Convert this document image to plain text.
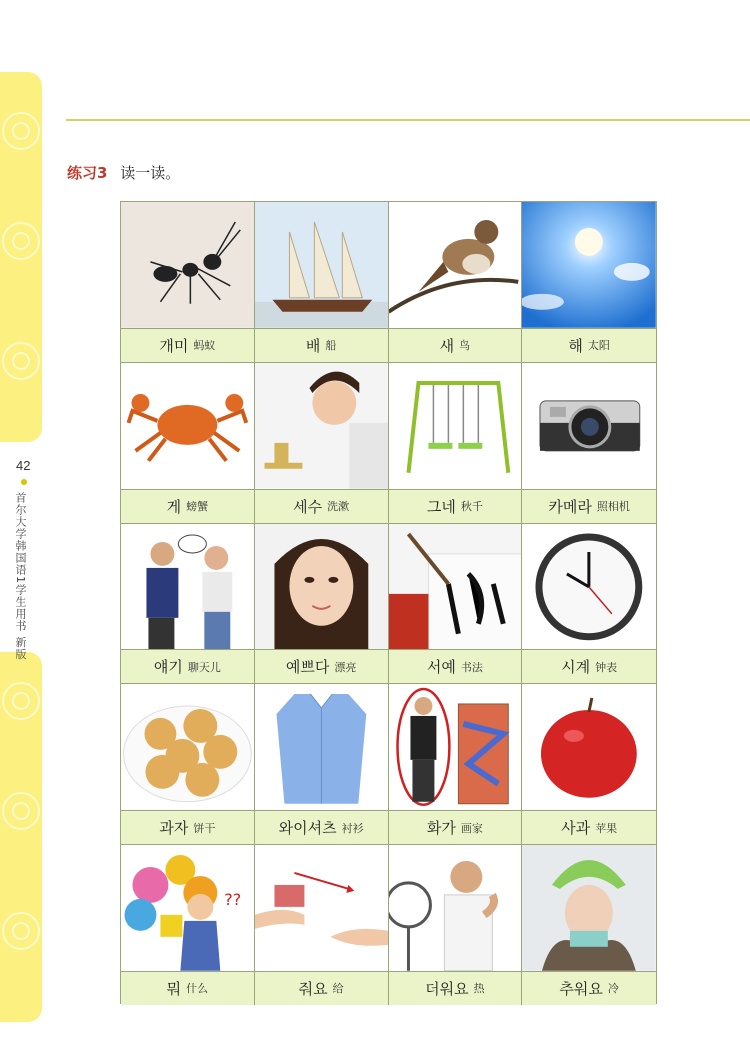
42
首尔大学韩国语1学生用书 新版
练习3 读一读。
개미 蚂蚁	배 船	새 鸟	해 太阳
게 螃蟹	세수 洗漱	그네 秋千	카메라 照相机
얘기 聊天儿	예쁘다 漂亮	서예 书法	시계 钟表
과자 饼干	와이셔츠 衬衫	화가 画家	사과 苹果
??
뭐 什么	줘요 给	더워요 热	추워요 冷
